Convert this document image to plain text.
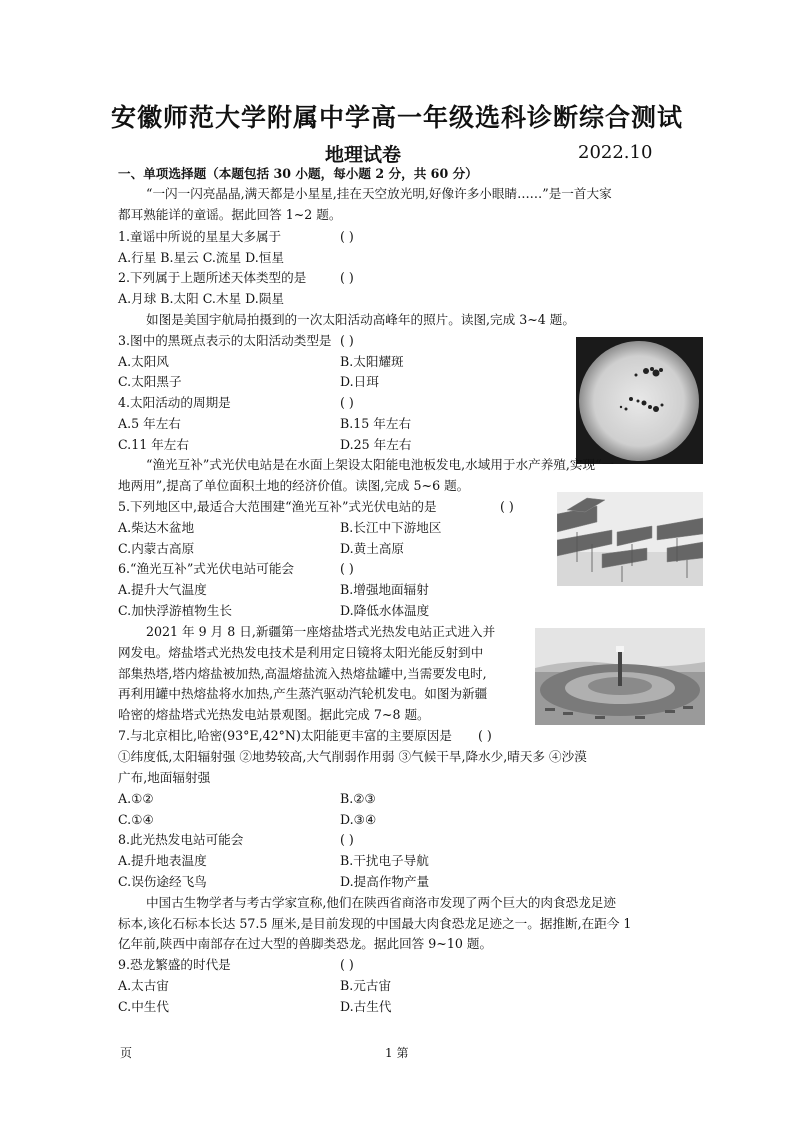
安徽师范大学附属中学高一年级选科诊断综合测试
地理试卷	2022.10
一、单项选择题（本题包括 30 小题，每小题 2 分，共 60 分）
“一闪一闪亮晶晶,满天都是小星星,挂在天空放光明,好像许多小眼睛……”是一首大家
都耳熟能详的童谣。据此回答 1~2 题。
1.童谣中所说的星星大多属于	( )
A.行星 B.星云 C.流星 D.恒星
2.下列属于上题所述天体类型的是	( )
A.月球 B.太阳 C.木星 D.陨星
如图是美国宇航局拍摄到的一次太阳活动高峰年的照片。读图,完成 3~4 题。
3.图中的黑斑点表示的太阳活动类型是 ( )
A.太阳风	B.太阳耀斑
C.太阳黑子	D.日珥
4.太阳活动的周期是	( )
A.5 年左右	B.15 年左右
C.11 年左右	D.25 年左右
“渔光互补”式光伏电站是在水面上架设太阳能电池板发电,水域用于水产养殖,实现“一
地两用”,提高了单位面积土地的经济价值。读图,完成 5~6 题。
5.下列地区中,最适合大范围建“渔光互补”式光伏电站的是	( )
A.柴达木盆地	B.长江中下游地区
C.内蒙古高原	D.黄土高原
6.“渔光互补”式光伏电站可能会	( )
A.提升大气温度	B.增强地面辐射
C.加快浮游植物生长	D.降低水体温度
2021 年 9 月 8 日,新疆第一座熔盐塔式光热发电站正式进入并
网发电。熔盐塔式光热发电技术是利用定日镜将太阳光能反射到中
部集热塔,塔内熔盐被加热,高温熔盐流入热熔盐罐中,当需要发电时,
再利用罐中热熔盐将水加热,产生蒸汽驱动汽轮机发电。如图为新疆
哈密的熔盐塔式光热发电站景观图。据此完成 7~8 题。
7.与北京相比,哈密(93°E,42°N)太阳能更丰富的主要原因是 ( )
①纬度低,太阳辐射强 ②地势较高,大气削弱作用弱 ③气候干旱,降水少,晴天多 ④沙漠
广布,地面辐射强
A.①②	B.②③
C.①④	D.③④
8.此光热发电站可能会	( )
A.提升地表温度	B.干扰电子导航
C.误伤途经飞鸟	D.提高作物产量
中国古生物学者与考古学家宣称,他们在陕西省商洛市发现了两个巨大的肉食恐龙足迹
标本,该化石标本长达 57.5 厘米,是目前发现的中国最大肉食恐龙足迹之一。据推断,在距今 1
亿年前,陕西中南部存在过大型的兽脚类恐龙。据此回答 9~10 题。
9.恐龙繁盛的时代是	( )
A.太古宙	B.元古宙
C.中生代	D.古生代
页	1 第
